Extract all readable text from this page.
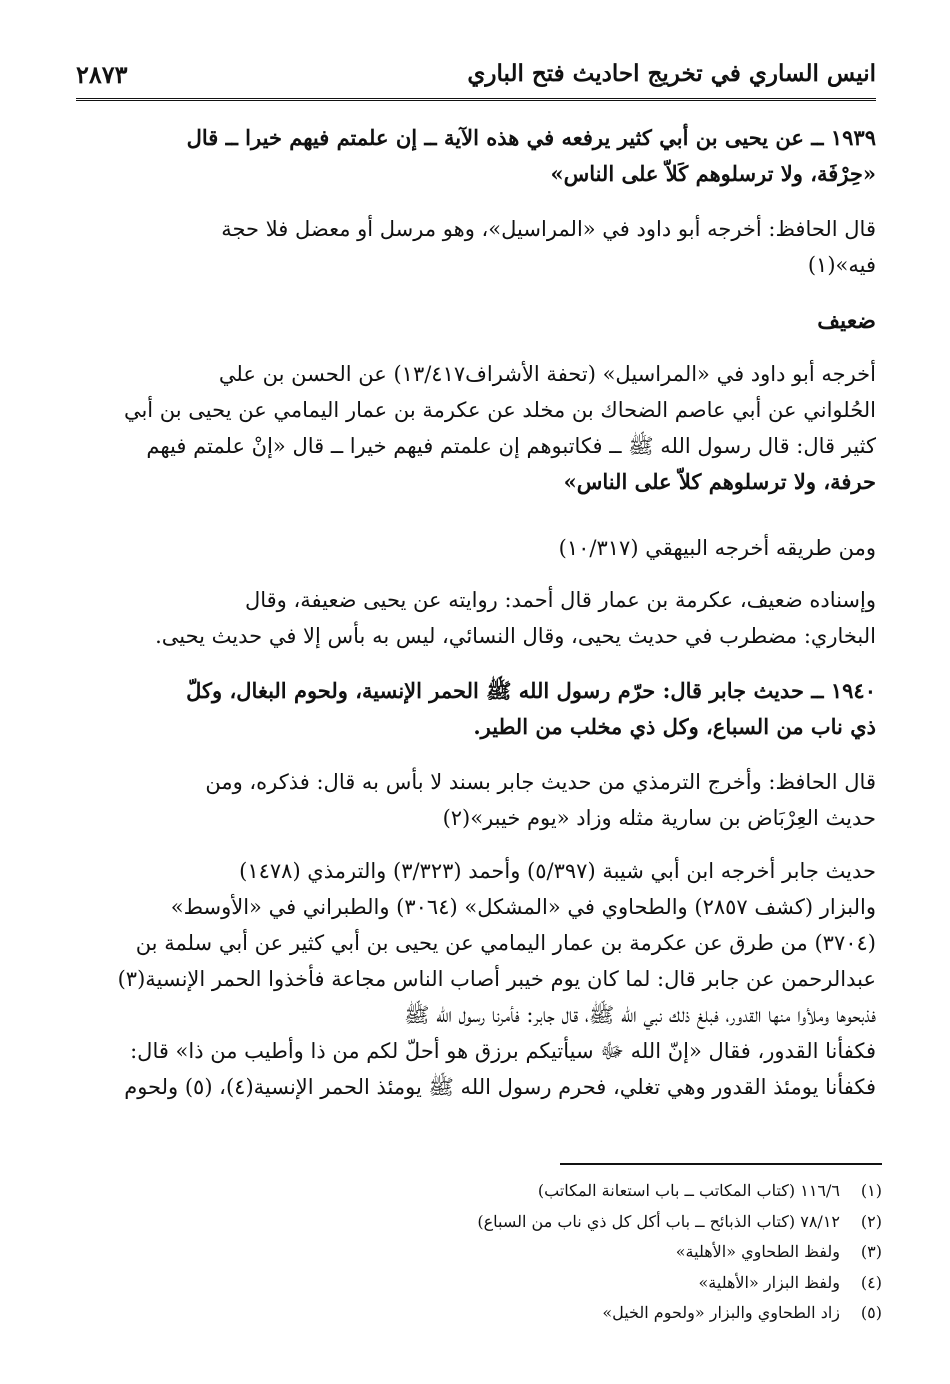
انيس الساري في تخريج احاديث فتح الباري
٢٨٧٣
١٩٣٩ ــ عن يحيى بن أبي كثير يرفعه في هذه الآية ــ إن علمتم فيهم خيرا ــ قال
«حِرْفَة، ولا ترسلوهم كَلاّ على الناس»
قال الحافظ: أخرجه أبو داود في «المراسيل»، وهو مرسل أو معضل فلا حجة
فيه»(١)
ضعيف
أخرجه أبو داود في «المراسيل» (تحفة الأشراف١٣/٤١٧) عن الحسن بن علي
الحُلواني عن أبي عاصم الضحاك بن مخلد عن عكرمة بن عمار اليمامي عن يحيى بن أبي
كثير قال: قال رسول الله ﷺ ــ فكاتبوهم إن علمتم فيهم خيرا ــ قال «إنْ علمتم فيهم
حرفة، ولا ترسلوهم كلاّ على الناس»
ومن طريقه أخرجه البيهقي (١٠/٣١٧)
وإسناده ضعيف، عكرمة بن عمار قال أحمد: روايته عن يحيى ضعيفة، وقال
البخاري: مضطرب في حديث يحيى، وقال النسائي، ليس به بأس إلا في حديث يحيى.
١٩٤٠ ــ حديث جابر قال: حرّم رسول الله ﷺ الحمر الإنسية، ولحوم البغال، وكلّ
ذي ناب من السباع، وكل ذي مخلب من الطير.
قال الحافظ: وأخرج الترمذي من حديث جابر بسند لا بأس به قال: فذكره، ومن
حديث العِرْبَاض بن سارية مثله وزاد «يوم خيبر»(٢)
حديث جابر أخرجه ابن أبي شيبة (٥/٣٩٧) وأحمد (٣/٣٢٣) والترمذي (١٤٧٨)
والبزار (كشف ٢٨٥٧) والطحاوي في «المشكل» (٣٠٦٤) والطبراني في «الأوسط»
(٣٧٠٤) من طرق عن عكرمة بن عمار اليمامي عن يحيى بن أبي كثير عن أبي سلمة بن
عبدالرحمن عن جابر قال: لما كان يوم خيبر أصاب الناس مجاعة فأخذوا الحمر الإنسية(٣)
فذبحوها وملأوا منها القدور، فبلغ ذلك نبي الله ﷺ، قال جابر: فأمرنا رسول الله ﷺ
فكفأنا القدور، فقال «إنّ الله ﷻ سيأتيكم برزق هو أحلّ لكم من ذا وأطيب من ذا» قال:
فكفأنا يومئذ القدور وهي تغلي، فحرم رسول الله ﷺ يومئذ الحمر الإنسية(٤)، (٥) ولحوم
(١)
١١٦/٦ (كتاب المكاتب ــ باب استعانة المكاتب)
(٢)
٧٨/١٢ (كتاب الذبائح ــ باب أكل كل ذي ناب من السباع)
(٣)
ولفظ الطحاوي «الأهلية»
(٤)
ولفظ البزار «الأهلية»
(٥)
زاد الطحاوي والبزار «ولحوم الخيل»
